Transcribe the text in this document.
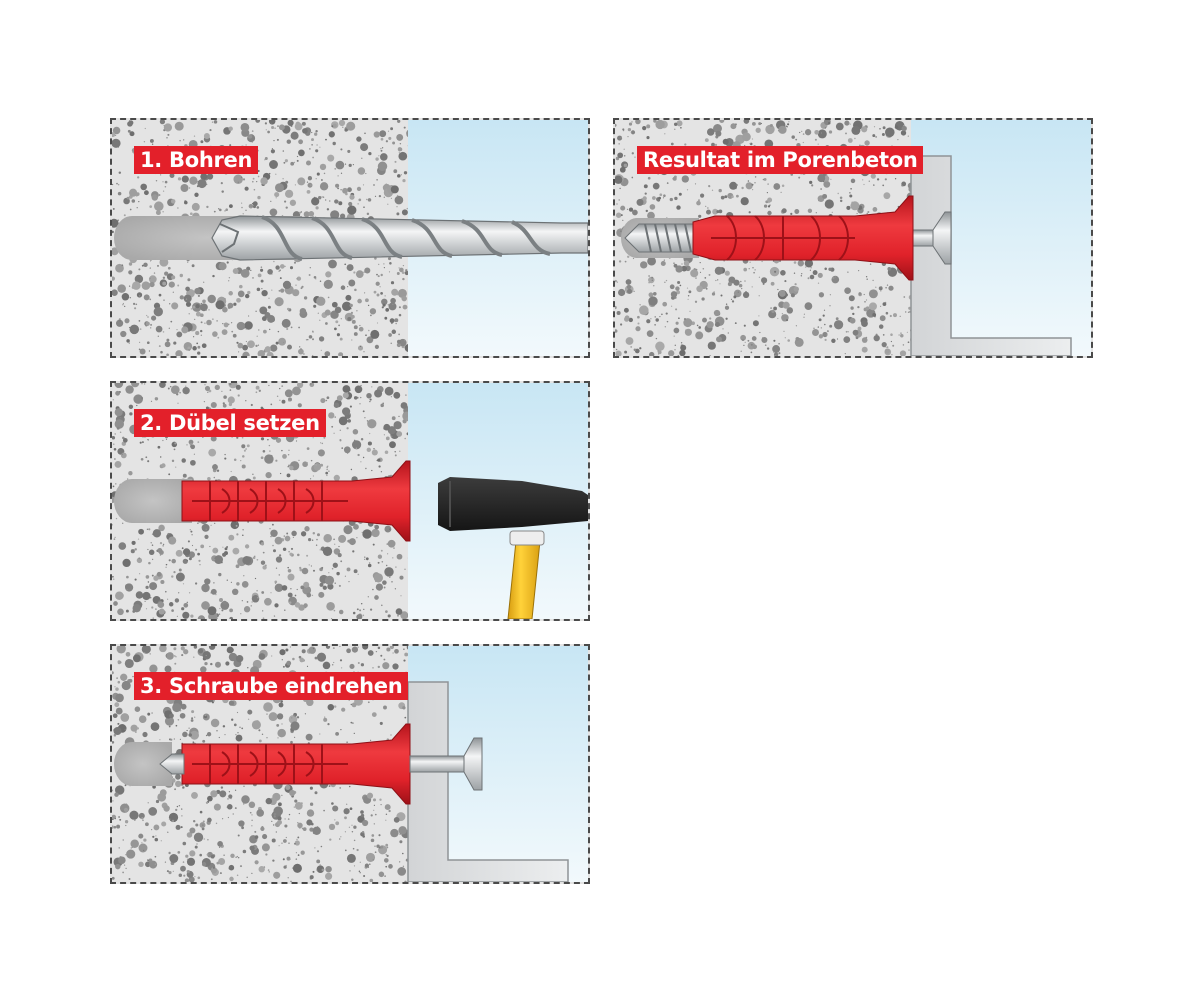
1. Bohren
2. Dübel setzen
3. Schraube eindrehen
Resultat im Porenbeton
